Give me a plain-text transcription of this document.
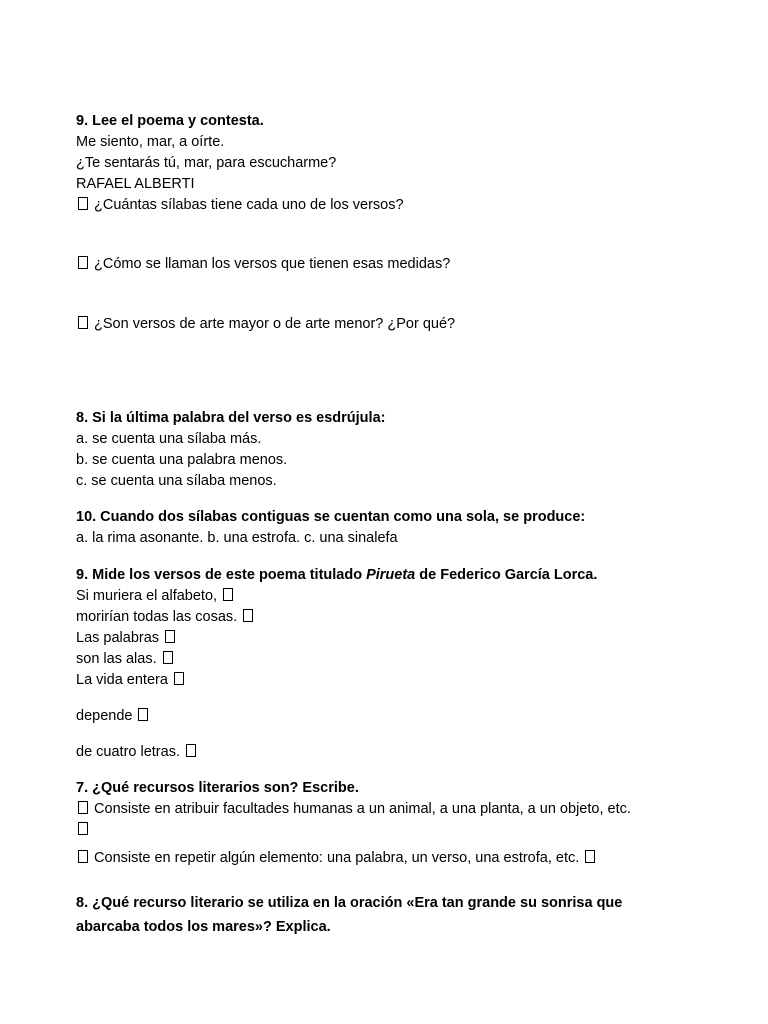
9. Lee el poema y contesta.
Me siento, mar, a oírte.
¿Te sentarás tú, mar, para escucharme?
RAFAEL ALBERTI
¿Cuántas sílabas tiene cada uno de los versos?
¿Cómo se llaman los versos que tienen esas medidas?
¿Son versos de arte mayor o de arte menor? ¿Por qué?
8. Si la última palabra del verso es esdrújula:
a. se cuenta una sílaba más.
b. se cuenta una palabra menos.
c. se cuenta una sílaba menos.
10. Cuando dos sílabas contiguas se cuentan como una sola, se produce:
a. la rima asonante. b. una estrofa. c. una sinalefa
9. Mide los versos de este poema titulado Pirueta de Federico García Lorca.
Si muriera el alfabeto,
morirían todas las cosas.
Las palabras
son las alas.
La vida entera
depende
de cuatro letras.
7. ¿Qué recursos literarios son? Escribe.
Consiste en atribuir facultades humanas a un animal, a una planta, a un objeto, etc.
Consiste en repetir algún elemento: una palabra, un verso, una estrofa, etc.
8. ¿Qué recurso literario se utiliza en la oración «Era tan grande su sonrisa que
abarcaba todos los mares»? Explica.
